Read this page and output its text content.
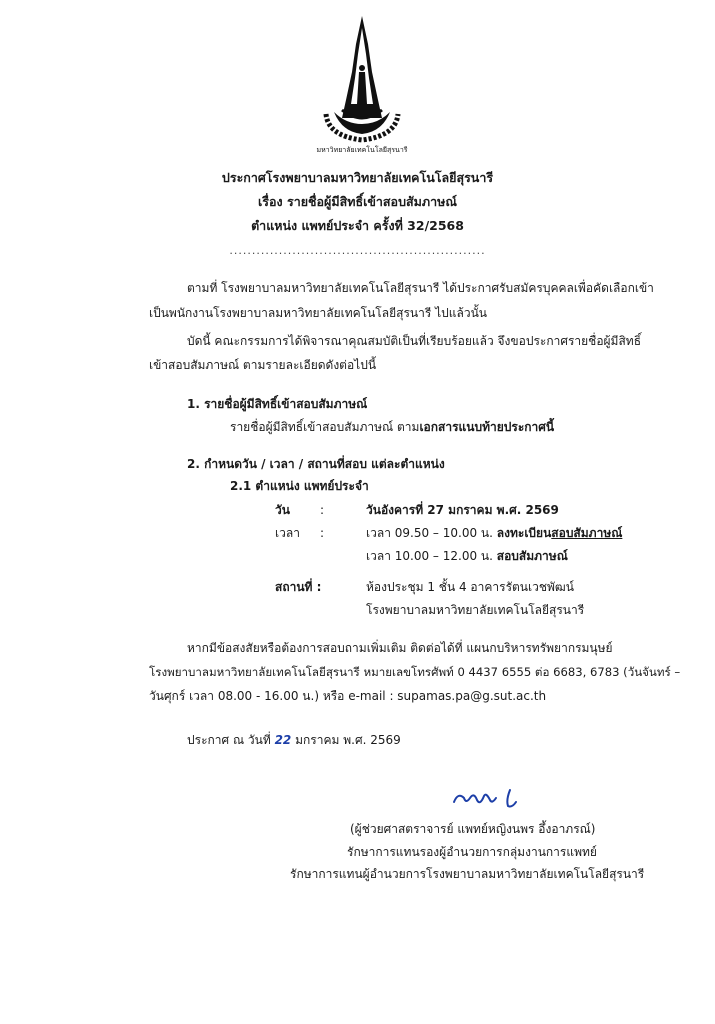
มหาวิทยาลัยเทคโนโลยีสุรนารี
ประกาศโรงพยาบาลมหาวิทยาลัยเทคโนโลยีสุรนารี
เรื่อง รายชื่อผู้มีสิทธิ์เข้าสอบสัมภาษณ์
ตำแหน่ง แพทย์ประจำ ครั้งที่ 32/2568
.........................................................
ตามที่ โรงพยาบาลมหาวิทยาลัยเทคโนโลยีสุรนารี ได้ประกาศรับสมัครบุคคลเพื่อคัดเลือกเข้า
เป็นพนักงานโรงพยาบาลมหาวิทยาลัยเทคโนโลยีสุรนารี ไปแล้วนั้น
บัดนี้ คณะกรรมการได้พิจารณาคุณสมบัติเป็นที่เรียบร้อยแล้ว จึงขอประกาศรายชื่อผู้มีสิทธิ์
เข้าสอบสัมภาษณ์ ตามรายละเอียดดังต่อไปนี้
1. รายชื่อผู้มีสิทธิ์เข้าสอบสัมภาษณ์
รายชื่อผู้มีสิทธิ์เข้าสอบสัมภาษณ์ ตามเอกสารแนบท้ายประกาศนี้
2. กำหนดวัน / เวลา / สถานที่สอบ แต่ละตำแหน่ง
2.1 ตำแหน่ง แพทย์ประจำ
วัน	:	วันอังคารที่ 27 มกราคม พ.ศ. 2569
เวลา :	เวลา 09.50 – 10.00 น. ลงทะเบียนสอบสัมภาษณ์
เวลา 10.00 – 12.00 น. สอบสัมภาษณ์
สถานที่ :	ห้องประชุม 1 ชั้น 4 อาคารรัตนเวชพัฒน์
โรงพยาบาลมหาวิทยาลัยเทคโนโลยีสุรนารี
หากมีข้อสงสัยหรือต้องการสอบถามเพิ่มเติม ติดต่อได้ที่ แผนกบริหารทรัพยากรมนุษย์
โรงพยาบาลมหาวิทยาลัยเทคโนโลยีสุรนารี หมายเลขโทรศัพท์ 0 4437 6555 ต่อ 6683, 6783 (วันจันทร์ –
วันศุกร์ เวลา 08.00 - 16.00 น.) หรือ e-mail : supamas.pa@g.sut.ac.th
ประกาศ ณ วันที่ 22 มกราคม พ.ศ. 2569
(ผู้ช่วยศาสตราจารย์ แพทย์หญิงนพร อึ้งอาภรณ์)
รักษาการแทนรองผู้อำนวยการกลุ่มงานการแพทย์
รักษาการแทนผู้อำนวยการโรงพยาบาลมหาวิทยาลัยเทคโนโลยีสุรนารี
